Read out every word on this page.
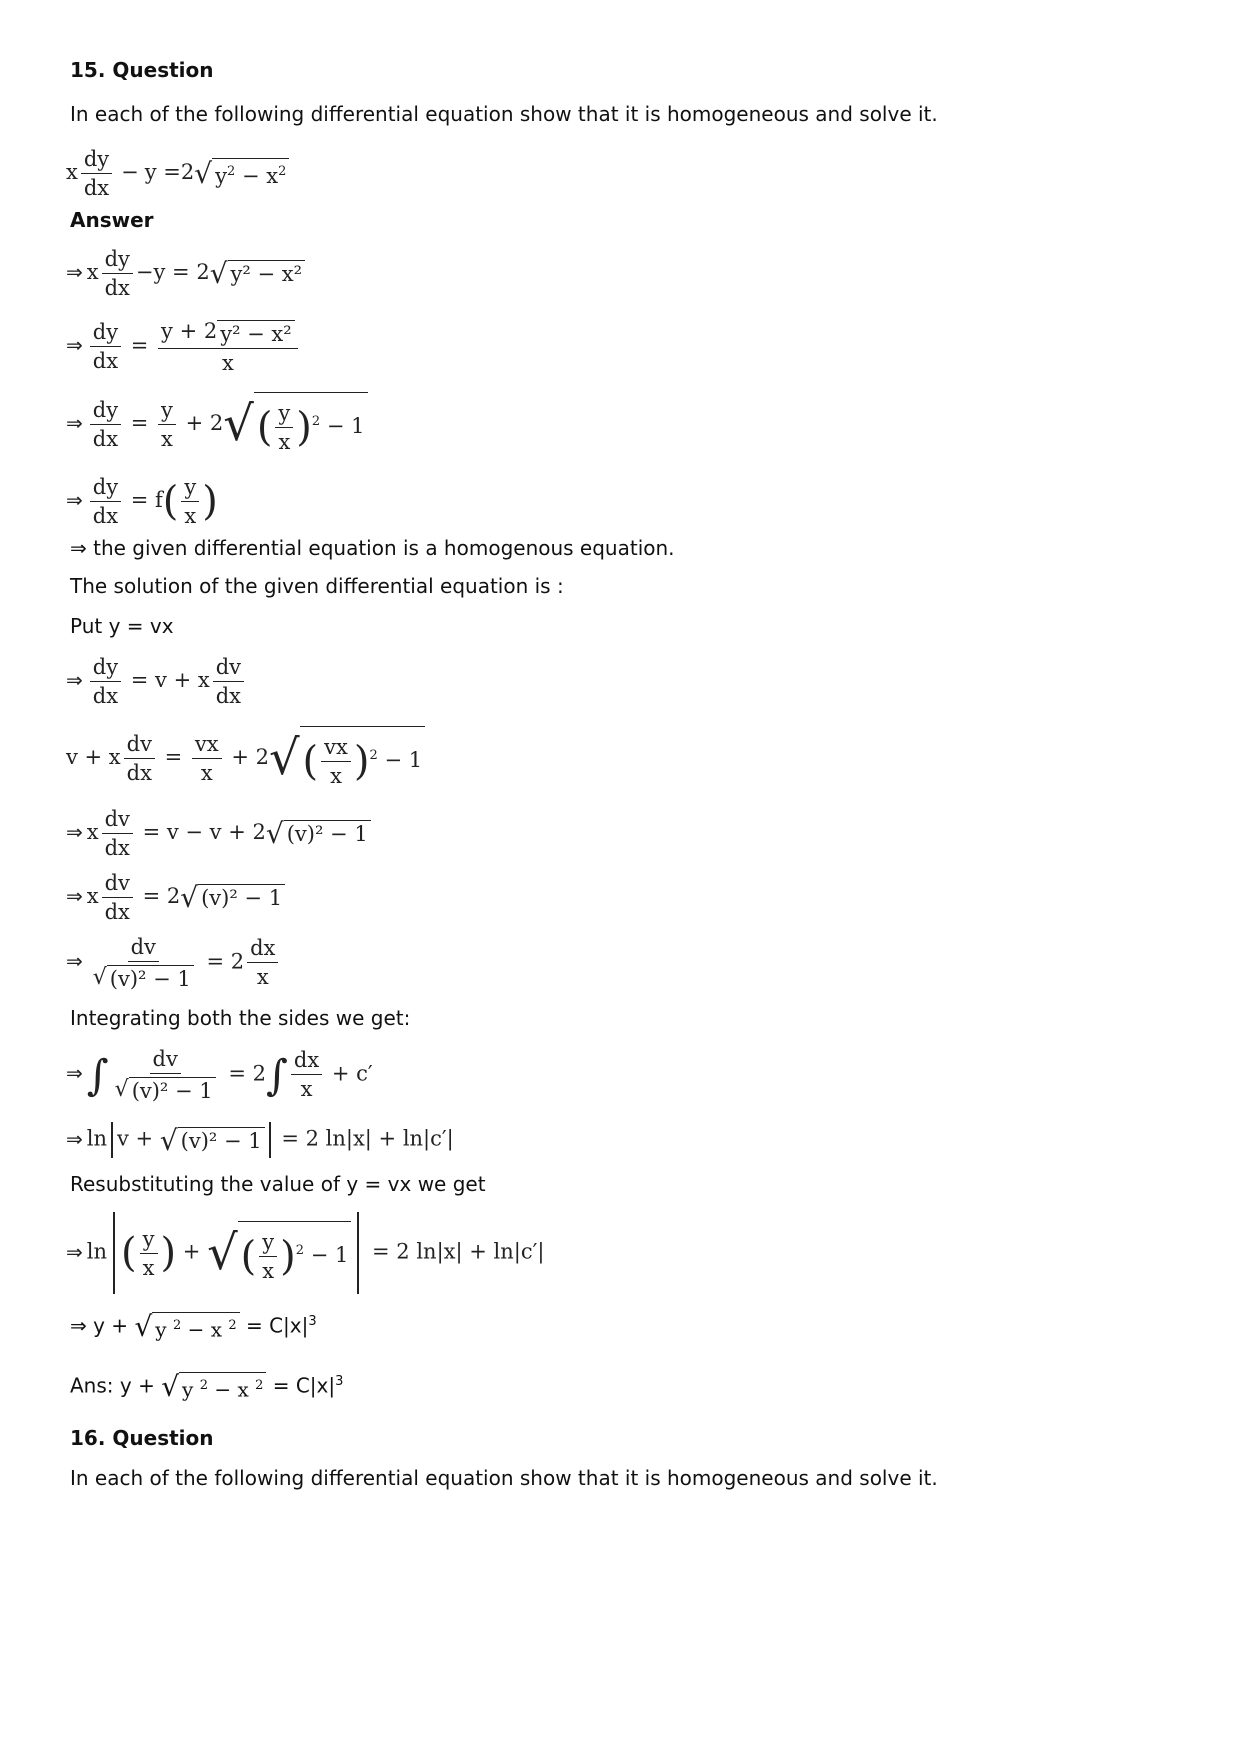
15. Question
In each of the following differential equation show that it is homogeneous and solve it.
x $\frac{dy}{dx} - y =2√$ $y^2 - x^2$
Answer
⇒ x $\frac{dy}{dx} -y = 2√$ y² − x²
⇒ $\frac{dy}{dx} = \frac{\text{y + 2 y² − x²}}{x}$
⇒ $\frac{dy}{dx} = \frac{y}{x} + 2√( \frac{y}{x} )^2 - 1$
⇒ $\frac{dy}{dx} = f( \frac{y}{x}$ )
⇒ the given differential equation is a homogenous equation.
The solution of the given differential equation is :
Put y = vx
⇒ $\frac{dy}{dx} = v + x \frac{dv}{dx}$
v + x $\frac{dv}{dx} = \frac{vx}{x} + 2√( \frac{vx}{x} )^2 - 1$
⇒ x $\frac{dv}{dx} = v - v + 2√$ (v)² − 1
⇒ x $\frac{dv}{dx} = 2√$ (v)² − 1
⇒ $\frac{dv}{\text{√ (v)² − 1}} = 2 \frac{dx}{x}$
Integrating both the sides we get:
⇒∫ $\frac{dv}{\text{√ (v)² − 1}} = 2\int \frac{dx}{x} + c'$
⇒ ln v + √ (v)² − 1 = 2 ln|x| + ln|c′|
Resubstituting the value of y = vx we get
⇒ ln ( $\frac{y}{x}$ ) + √( $\frac{y}{x} )^2 - 1 = 2$ ln|x| + ln|c′|
⇒ y + √ y $^2$ − x $^2 = C|x|^3$
Ans: y + √ y $^2$ − x $^2 = C|x|^3$
16. Question
In each of the following differential equation show that it is homogeneous and solve it.
